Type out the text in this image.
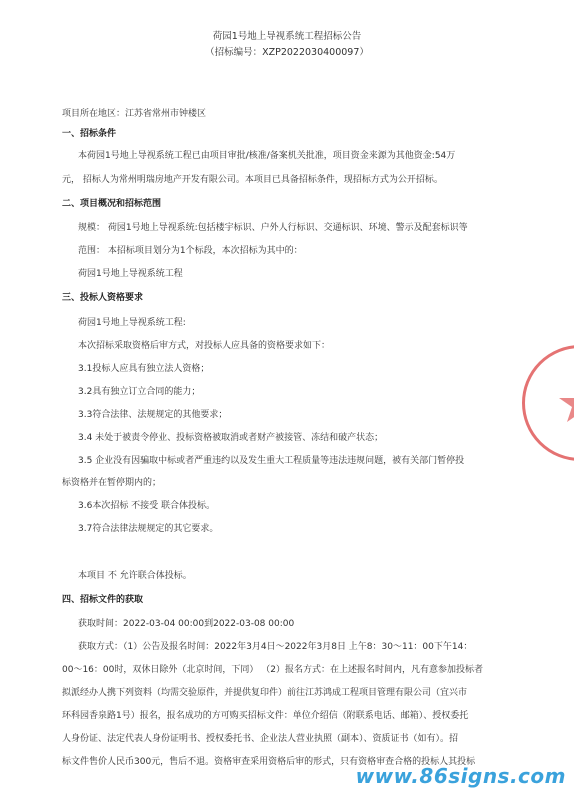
荷园1号地上导视系统工程招标公告
（招标编号：XZP2022030400097）
项目所在地区：江苏省常州市钟楼区
一、招标条件
本荷园1号地上导视系统工程已由项目审批/核准/备案机关批准，项目资金来源为其他资金:54万
元， 招标人为常州明瑞房地产开发有限公司。本项目已具备招标条件，现招标方式为公开招标。
二、项目概况和招标范围
规模： 荷园1号地上导视系统:包括楼宇标识、户外人行标识、交通标识、环境、警示及配套标识等
范围： 本招标项目划分为1个标段，本次招标为其中的：
荷园1号地上导视系统工程
三、投标人资格要求
荷园1号地上导视系统工程:
本次招标采取资格后审方式，对投标人应具备的资格要求如下：
3.1投标人应具有独立法人资格；
3.2具有独立订立合同的能力；
3.3符合法律、法规规定的其他要求；
3.4 未处于被责令停业、投标资格被取消或者财产被接管、冻结和破产状态；
3.5 企业没有因骗取中标或者严重违约以及发生重大工程质量等违法违规问题，被有关部门暂停投
标资格并在暂停期内的；
3.6本次招标 不接受 联合体投标。
3.7符合法律法规规定的其它要求。
本项目 不 允许联合体投标。
四、招标文件的获取
获取时间：2022-03-04 00:00到2022-03-08 00:00
获取方式：（1）公告及报名时间：2022年3月4日～2022年3月8日 上午8：30～11：00下午14：
00～16：00时，双休日除外（北京时间，下同） （2）报名方式：在上述报名时间内，凡有意参加投标者
拟派经办人携下列资料（均需交验原件，并提供复印件）前往江苏鸿成工程项目管理有限公司（宜兴市
环科园香泉路1号）报名，报名成功的方可购买招标文件：单位介绍信（附联系电话、邮箱）、授权委托
人身份证、法定代表人身份证明书、授权委托书、企业法人营业执照（副本）、资质证书（如有）。招
标文件售价人民币300元，售后不退。资格审查采用资格后审的形式，只有资格审查合格的投标人其投标
www.86signs.com
